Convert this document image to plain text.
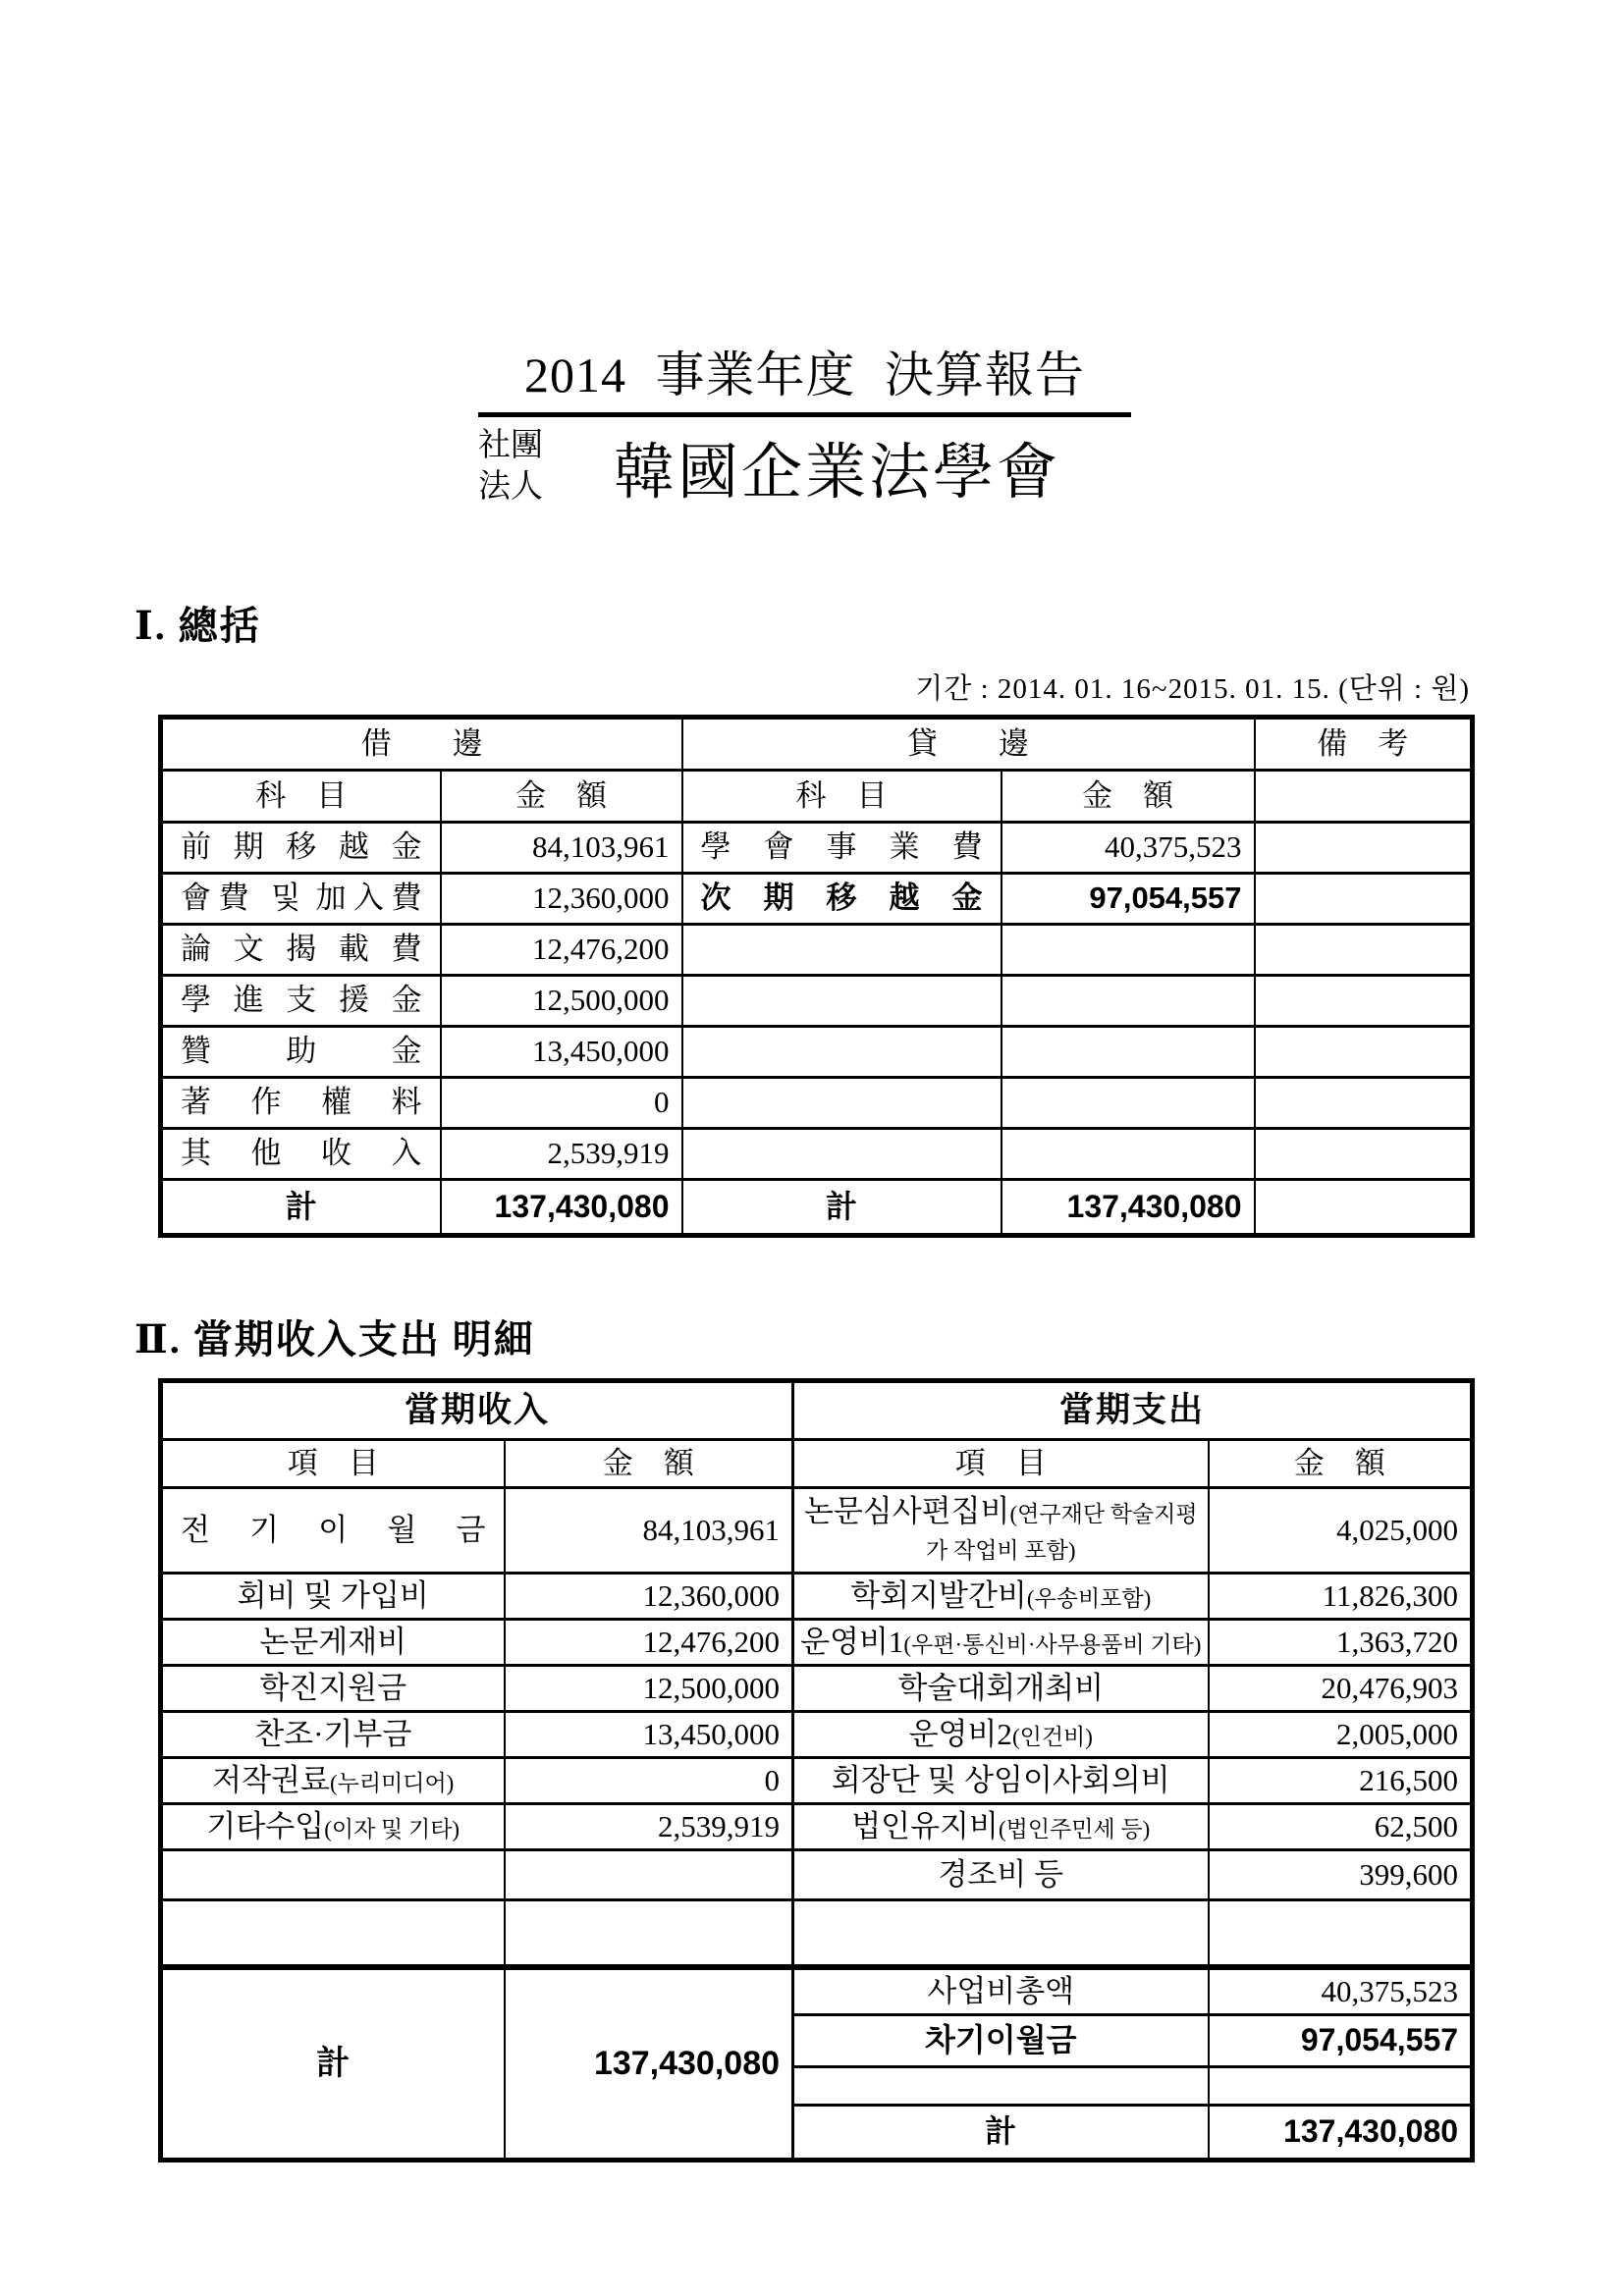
2014 事業年度 決算報告
社團
法人	韓國企業法學會
Ⅰ. 總括
기간 : 2014. 01. 16~2015. 01. 15. (단위 : 원)
借　　邊		貸　　邊		備　考
科　目	金　額	科　目	金　額	
前 期 移 越 金	84,103,961	學 會 事 業 費	40,375,523	
會費 및 加入費	12,360,000	次 期 移 越 金	97,054,557	
論 文 揭 載 費	12,476,200			
學 進 支 援 金	12,500,000			
贊 助 金	13,450,000			
著 作 權 料	0			
其 他 收 入	2,539,919			
計	137,430,080	計	137,430,080	
Ⅱ. 當期收入支出 明細
當期收入		當期支出	
項　目	金　額	項　目	金　額
전 기 이 월 금	84,103,961	논문심사편집비(연구재단 학술지평가 작업비 포함)	4,025,000
회비 및 가입비	12,360,000	학회지발간비(우송비포함)	11,826,300
논문게재비	12,476,200	운영비1(우편·통신비·사무용품비 기타)	1,363,720
학진지원금	12,500,000	학술대회개최비	20,476,903
찬조·기부금	13,450,000	운영비2(인건비)	2,005,000
저작권료(누리미디어)	0	회장단 및 상임이사회의비	216,500
기타수입(이자 및 기타)	2,539,919	법인유지비(법인주민세 등)	62,500
		경조비 등	399,600

計	137,430,080	사업비총액	40,375,523
		차기이월금	97,054,557

		計	137,430,080
